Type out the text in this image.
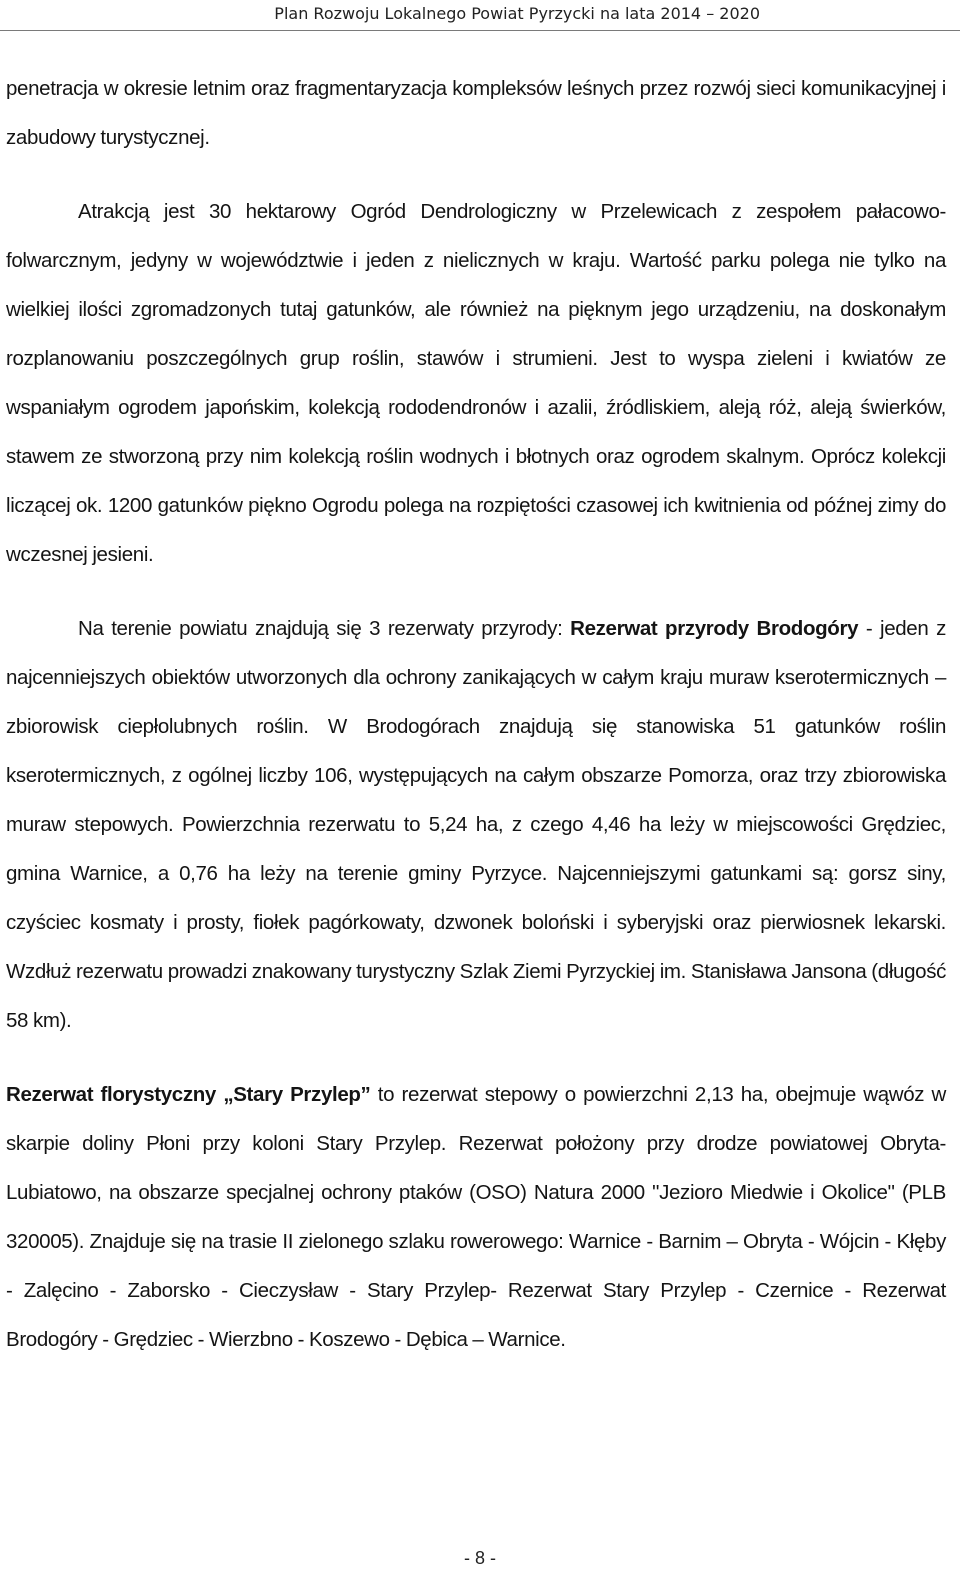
Plan Rozwoju Lokalnego Powiat Pyrzycki na lata 2014 – 2020

penetracja w okresie letnim oraz fragmentaryzacja kompleksów leśnych przez rozwój sieci komunikacyjnej i zabudowy turystycznej.

Atrakcją jest 30 hektarowy Ogród Dendrologiczny w Przelewicach z zespołem pałacowo-folwarcznym, jedyny w województwie i jeden z nielicznych w kraju. Wartość parku polega nie tylko na wielkiej ilości zgromadzonych tutaj gatunków, ale również na pięknym jego urządzeniu, na doskonałym rozplanowaniu poszczególnych grup roślin, stawów i strumieni. Jest to wyspa zieleni i kwiatów ze wspaniałym ogrodem japońskim, kolekcją rododendronów i azalii, źródliskiem, aleją róż, aleją świerków, stawem ze stworzoną przy nim kolekcją roślin wodnych i błotnych oraz ogrodem skalnym. Oprócz kolekcji liczącej ok. 1200 gatunków piękno Ogrodu polega na rozpiętości czasowej ich kwitnienia od późnej zimy do wczesnej jesieni.

Na terenie powiatu znajdują się 3 rezerwaty przyrody: Rezerwat przyrody Brodogóry - jeden z najcenniejszych obiektów utworzonych dla ochrony zanikających w całym kraju muraw kserotermicznych – zbiorowisk ciepłolubnych roślin. W Brodogórach znajdują się stanowiska 51 gatunków roślin kserotermicznych, z ogólnej liczby 106, występujących na całym obszarze Pomorza, oraz trzy zbiorowiska muraw stepowych. Powierzchnia rezerwatu to 5,24 ha, z czego 4,46 ha leży w miejscowości Grędziec, gmina Warnice, a 0,76 ha leży na terenie gminy Pyrzyce. Najcenniejszymi gatunkami są: gorsz siny, czyściec kosmaty i prosty, fiołek pagórkowaty, dzwonek boloński i syberyjski oraz pierwiosnek lekarski. Wzdłuż rezerwatu prowadzi znakowany turystyczny Szlak Ziemi Pyrzyckiej im. Stanisława Jansona (długość 58 km).

Rezerwat florystyczny „Stary Przylep” to rezerwat stepowy o powierzchni 2,13 ha, obejmuje wąwóz w skarpie doliny Płoni przy koloni Stary Przylep. Rezerwat położony przy drodze powiatowej Obryta-Lubiatowo, na obszarze specjalnej ochrony ptaków (OSO) Natura 2000 "Jezioro Miedwie i Okolice" (PLB 320005). Znajduje się na trasie II zielonego szlaku rowerowego: Warnice - Barnim – Obryta - Wójcin - Kłęby - Zalęcino - Zaborsko - Cieczysław - Stary Przylep- Rezerwat Stary Przylep - Czernice - Rezerwat Brodogóry - Grędziec - Wierzbno - Koszewo - Dębica – Warnice.

- 8 -
